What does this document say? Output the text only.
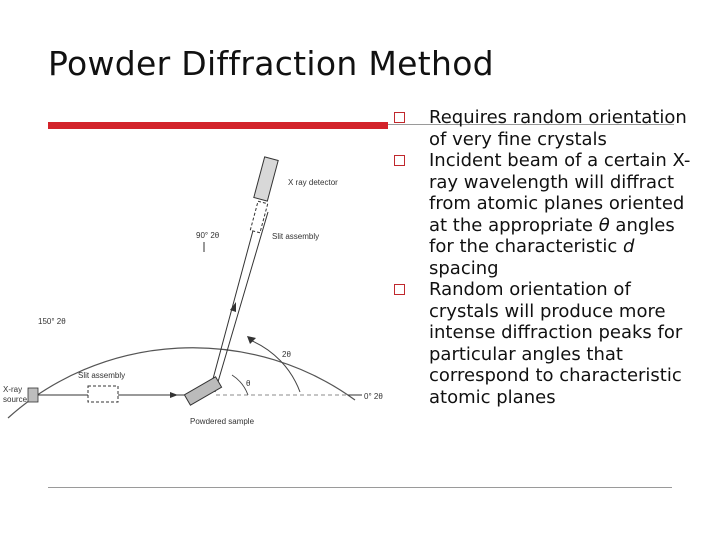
Powder Diffraction Method
X ray detector
Slit assembly
90° 2θ
150° 2θ
0° 2θ
2θ
θ
Slit assembly
X-ray
source
Powdered sample
Requires random orientation of very fine crystals
Incident beam of a certain X-ray wavelength will diffract from atomic planes oriented at the appropriate θ angles for the characteristic d spacing
Random orientation of crystals will produce more intense diffraction peaks for particular angles that correspond to characteristic atomic planes
